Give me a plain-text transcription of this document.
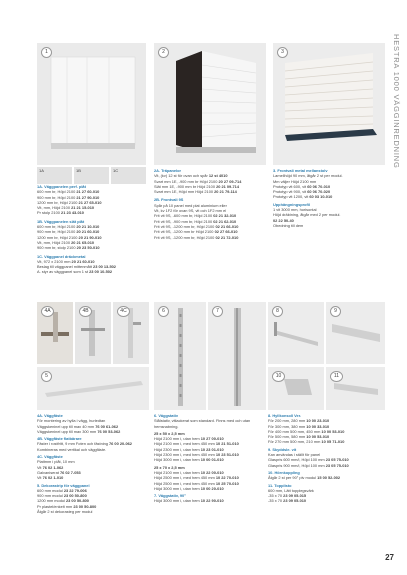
HESTRA 1000 VÄGGINREDNING
1
1A	1B	1C
2	3
1A. Väggpanelen perf. plåt
600 mm br, Höjd 2100 21 27 60-010
900 mm br, Höjd 2100 21 27 90-010
1200 mm br, Höjd 2100 21 27 65-010
Vit, mm, Höjd 2100 21 21 15-010
Pr stolp 2100 21 23 43-010
1B. Väggpanelen slät plåt
600 mm br, Höjd 2100 20 21 10-010
900 mm br, Höjd 2100 20 21 60-010
1200 mm br, Höjd 2100 20 21 90-010
Vit, mm, Höjd 2100 20 21 65-010
900 mm br, stolp 2100 20 23 50-010
1C. Väggpanel dräckmetal
Vit, 972 x 2100 mm 20 21 60-010
Beslag till väggpanel mittenmått 23 00 13-502
A. styr av väggpanel som 1 st 23 00 10-502
2A. Träpanelor
Vit, (kv) 12 st för ovan och spår 12 st 4010
Svart mm 1E, -900 mm br Höjd 2100 20 27 09-714
Slät mm 1E, -900 mm br Höjd 2100 20 21 09-714
Svart mm 1E, Höjd mm Höjd 2100 20 21 79-114
2B. Frontvali 9S
Spår på 10 panel med plat aluminium eller
Vit, kv 1F2 för ovan 9S, vit och 1F2 mm el
Frit vit 9S, -600 mm br, Höjd 2100 02 21 32-010
Frit vit 9S, -900 mm br, Höjd 2100 02 21 62-010
Frit vit 9S, -1200 mm br, Höjd 2100 02 21 66-010
Frit vit 9S, -1200 mm br Höjd 2100 02 27 66-010
Frit vit 9S, -1200 mm br, Höjd 2100 02 21 72-010
3. Frontvali metal mellanstolv
Lamellhöjd 90 mm, åtgår 2 st per modul.
Mm väljer Höjd 2100 mm
Prototyp vit 600, vit 60 06 70-010
Prototyp vit 900, vit 60 06 70-020
Prototyp vit 1200, vit 60 03 10-010
Upphängningsprofil
1 vit 3000 mm, horisontal
Höjd dräktning, åtgår med 2 per modul.
02 22 50-40
Obedning till dem
4A	4B	4C	6	7	8	9
5	10	11
4A. Väggfäste
För montering av hylla i vägg, hurledtan
Väggskeninel upp till max 40 mm 76 00 61-062
Väggskeninel upp till max 300 mm 76 00 53-062
4B. Väggfäste flatbärare
Fäster i rostfritt, 9 mm Foten och fästning 76 00 20-062
Kombineras med vertikal och väggfäste.
4C. Väggfäste
Plattmm i plåt, 10 mm
Vit 76 02 1-062
Galvaniserat 76 02 7-053
Vit 76 02 1-010
5. Dekorastrip för väggpanel
600 mm modul 23 22 79-006
900 mm modul 23 00 50-800
1200 mm modul 23 00 50-800
Pr plastel/enkelt mm 23 00 50-800
Åtgår 2 st dekorasteg per modul
6. Väggstativ
Stålstativ, vitlackerat som standard. Finns med och utan
hemsnabning.
25 x 50 x 2,5 mm
Höjd 2100 mm i, utan hem 10 27 00-010
Höjd 2100 mm i, med hem 450 mm 10 21 51-010
Höjd 2300 mm i, utan hem 10 23 01-010
Höjd 2300 mm i, med hem 450 mm 10 23 51-010
Höjd 3000 mm i, utan hem 10 00 01-010
25 x 70 x 2,5 mm
Höjd 2100 mm i, utan hem 10 22 00-010
Höjd 2500 mm i, med hem 450 mm 10 22 70-010
Höjd 2500 mm i, med hem 450 mm 10 25 70-010
Höjd 3000 mm i, utan hem 10 00 20-010
7. Väggstativ, 90°
Höjd 3000 mm i, utan hem 10 22 90-010
8. Hyllkonsoll Ver.
För 200 mm, 280 mm 10 00 23-010
För 300 mm, 380 mm 10 00 33-010
För 400 mm 500 mm, 450 mm 10 00 53-010
För 500 mm, 580 mm 10 00 53-010
För 270 mm 500 mm, 210 mm 10 05 71-010
9. Skyddsle. vit
Kan användas i ställt för panel
Glaspris 600 mm/i, Höjd 100 mm 23 05 75-010
Glaspris 900 mm/i, Höjd 100 mm 23 05 75-010
10. Hörnkoppling
Åtgår 2 st per 90° plv modul 15 00 52-002
11. Topplisto
600 mm, Lätt topplegsvärk
-35 x 70 23 09 05-015
-35 x 70 23 09 05-010
27
